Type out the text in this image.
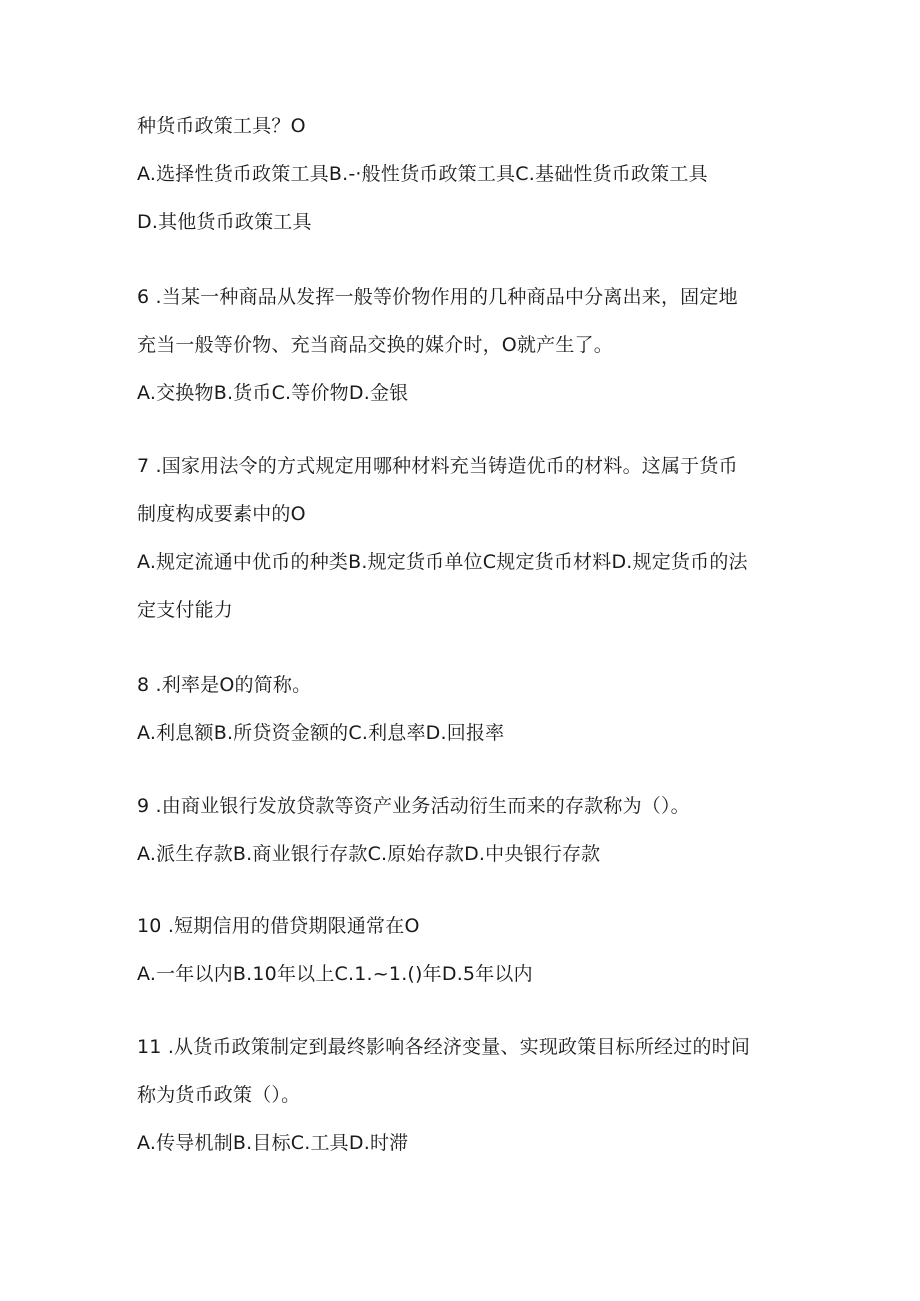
种货币政策工具？O
A.选择性货币政策工具B.-·般性货币政策工具C.基础性货币政策工具
D.其他货币政策工具
6 .当某一种商品从发挥一般等价物作用的几种商品中分离出来，固定地
充当一般等价物、充当商品交换的媒介时，O就产生了。
A.交换物B.货币C.等价物D.金银
7 .国家用法令的方式规定用哪种材料充当铸造优币的材料。这属于货币
制度构成要素中的O
A.规定流通中优币的种类B.规定货币单位C规定货币材料D.规定货币的法
定支付能力
8 .利率是O的简称。
A.利息额B.所贷资金额的C.利息率D.回报率
9 .由商业银行发放贷款等资产业务活动衍生而来的存款称为（）。
A.派生存款B.商业银行存款C.原始存款D.中央银行存款
10 .短期信用的借贷期限通常在O
A.一年以内B.10年以上C.1.~1.()年D.5年以内
11 .从货币政策制定到最终影响各经济变量、实现政策目标所经过的时间
称为货币政策（）。
A.传导机制B.目标C.工具D.时滞
